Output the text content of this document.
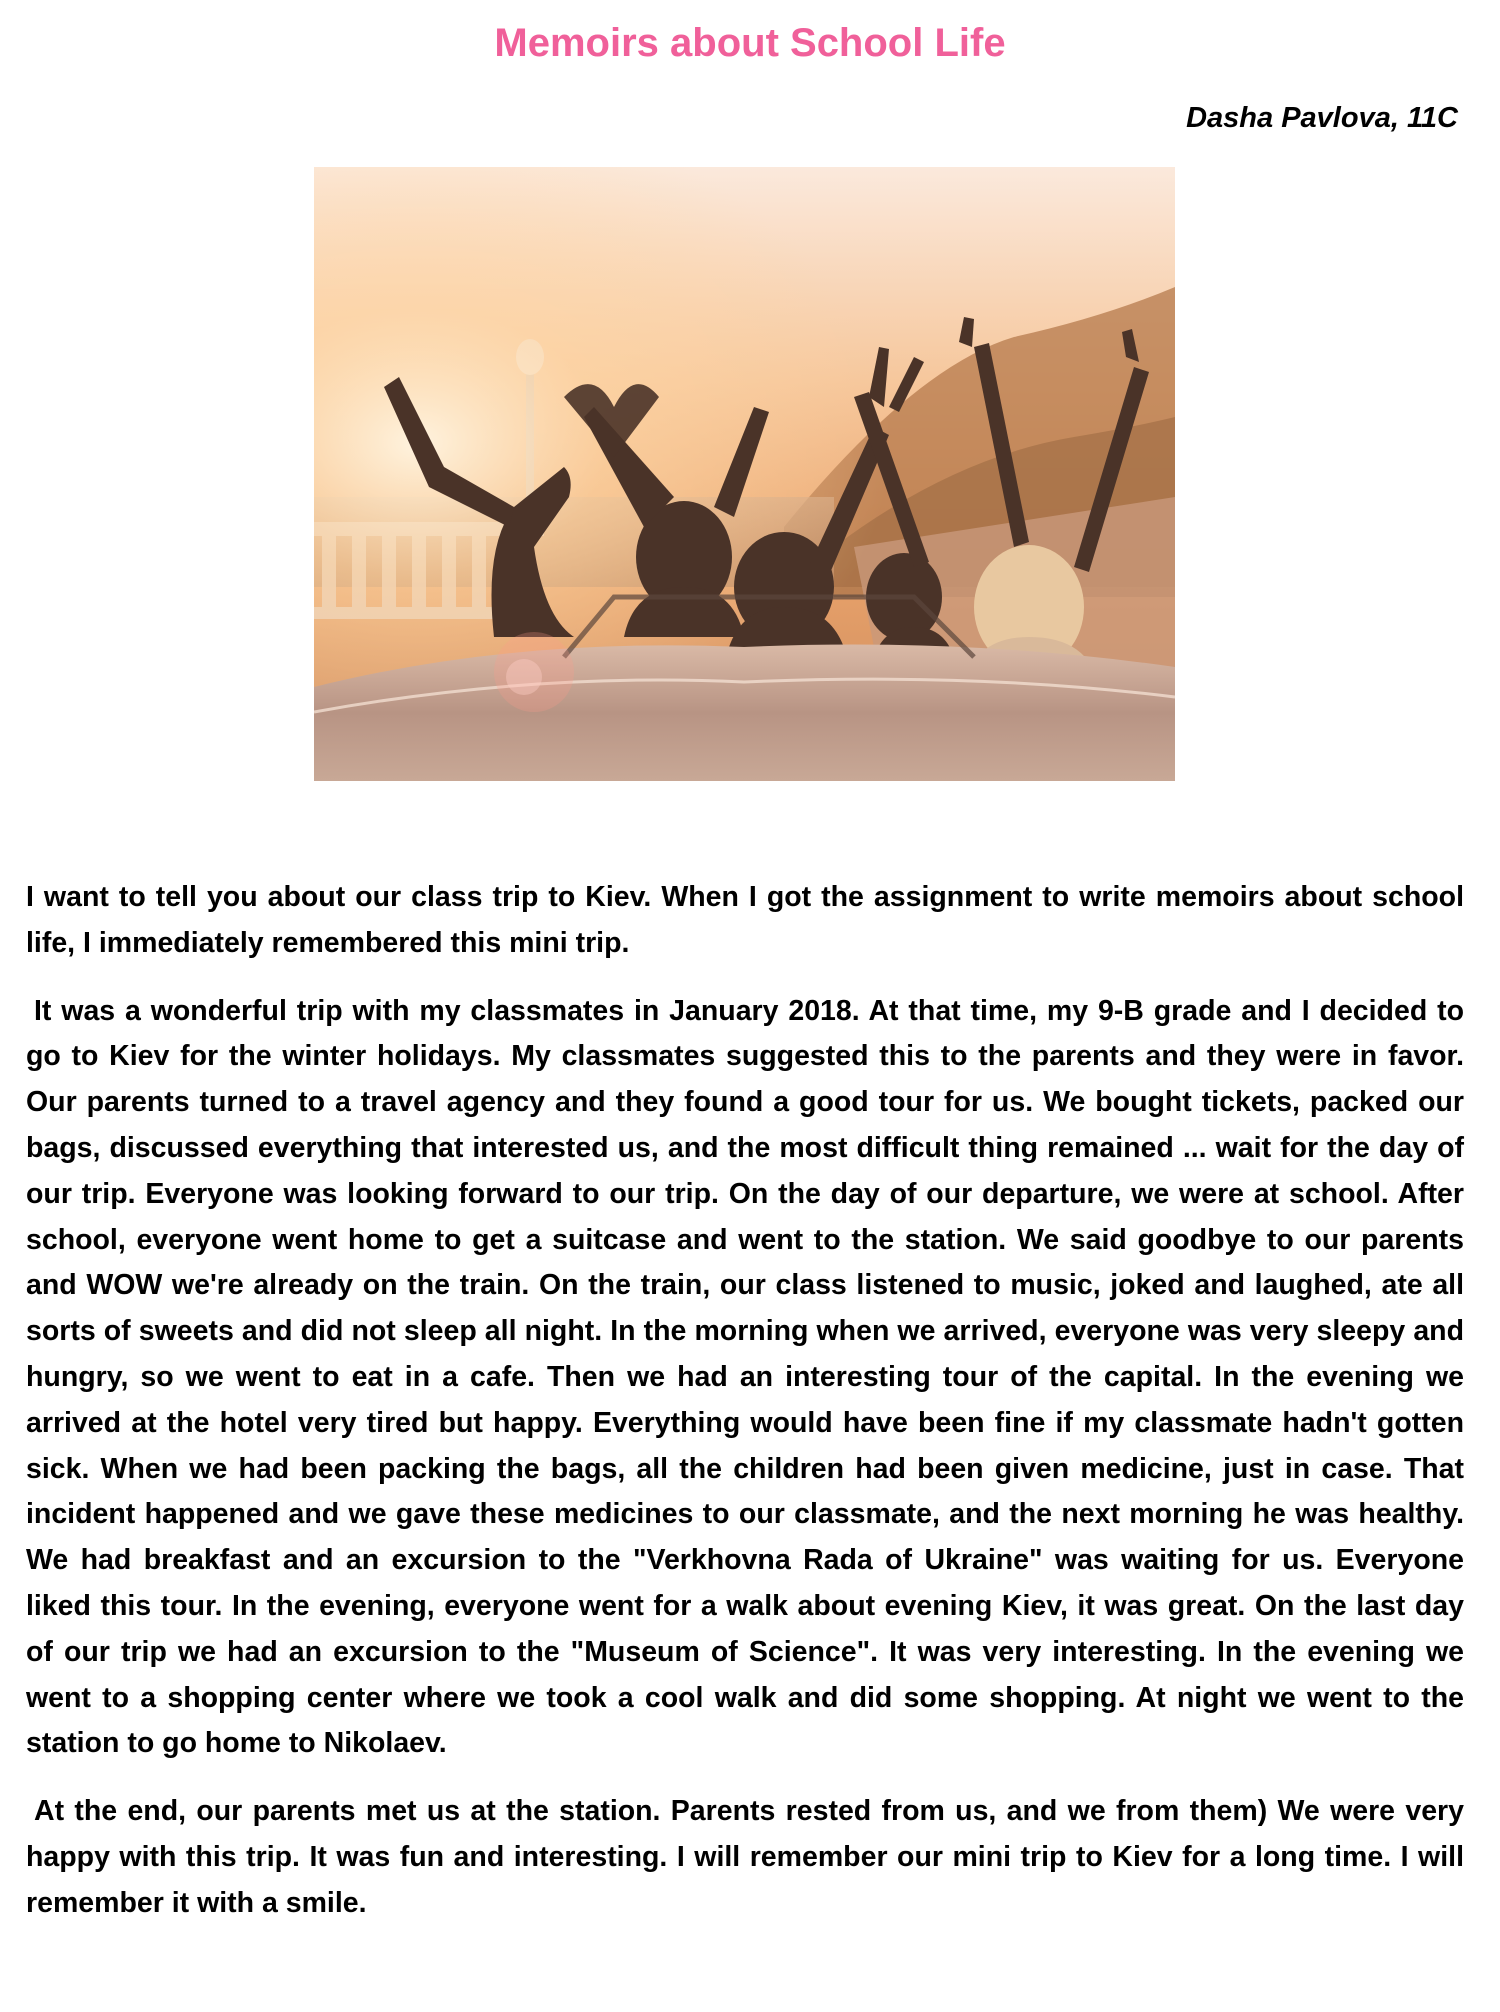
Memoirs about School Life
Dasha Pavlova, 11C

I want to tell you about our class trip to Kiev. When I got the assignment to write memoirs about school life, I immediately remembered this mini trip.

It was a wonderful trip with my classmates in January 2018. At that time, my 9-B grade and I decided to go to Kiev for the winter holidays. My classmates suggested this to the parents and they were in favor. Our parents turned to a travel agency and they found a good tour for us. We bought tickets, packed our bags, discussed everything that interested us, and the most difficult thing remained ... wait for the day of our trip. Everyone was looking forward to our trip. On the day of our departure, we were at school. After school, everyone went home to get a suitcase and went to the station. We said goodbye to our parents and WOW we're already on the train. On the train, our class listened to music, joked and laughed, ate all sorts of sweets and did not sleep all night. In the morning when we arrived, everyone was very sleepy and hungry, so we went to eat in a cafe. Then we had an interesting tour of the capital. In the evening we arrived at the hotel very tired but happy. Everything would have been fine if my classmate hadn't gotten sick. When we had been packing the bags, all the children had been given medicine, just in case. That incident happened and we gave these medicines to our classmate, and the next morning he was healthy. We had breakfast and an excursion to the "Verkhovna Rada of Ukraine" was waiting for us. Everyone liked this tour. In the evening, everyone went for a walk about evening Kiev, it was great. On the last day of our trip we had an excursion to the "Museum of Science". It was very interesting. In the evening we went to a shopping center where we took a cool walk and did some shopping. At night we went to the station to go home to Nikolaev.

At the end, our parents met us at the station. Parents rested from us, and we from them) We were very happy with this trip. It was fun and interesting. I will remember our mini trip to Kiev for a long time. I will remember it with a smile.
